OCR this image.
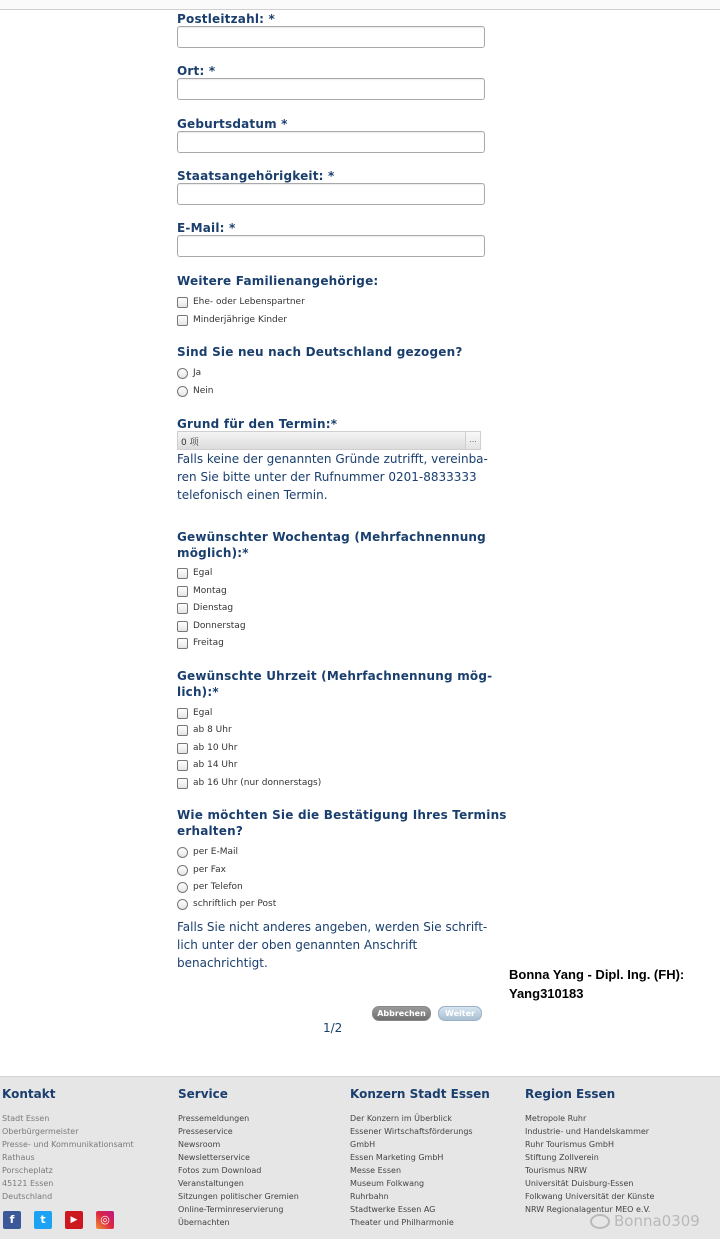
Postleitzahl: *
Ort: *
Geburtsdatum *
Staatsangehörigkeit: *
E-Mail: *
Weitere Familienangehörige:
Ehe- oder Lebenspartner
Minderjährige Kinder
Sind Sie neu nach Deutschland gezogen?
Ja
Nein
Grund für den Termin:*
0 项	...
Falls keine der genannten Gründe zutrifft, vereinba-
ren Sie bitte unter der Rufnummer 0201-8833333
telefonisch einen Termin.
Gewünschter Wochentag (Mehrfachnennung
möglich):*
Egal
Montag
Dienstag
Donnerstag
Freitag
Gewünschte Uhrzeit (Mehrfachnennung mög-
lich):*
Egal
ab 8 Uhr
ab 10 Uhr
ab 14 Uhr
ab 16 Uhr (nur donnerstags)
Wie möchten Sie die Bestätigung Ihres Termins
erhalten?
per E-Mail
per Fax
per Telefon
schriftlich per Post
Falls Sie nicht anderes angeben, werden Sie schrift-
lich unter der oben genannten Anschrift
benachrichtigt.
Bonna Yang - Dipl. Ing. (FH):
Yang310183
Abbrechen	Weiter
1/2
Kontakt
Stadt Essen
Oberbürgermeister
Presse- und Kommunikationsamt
Rathaus
Porscheplatz
45121 Essen
Deutschland
Service
Pressemeldungen
Presseservice
Newsroom
Newsletterservice
Fotos zum Download
Veranstaltungen
Sitzungen politischer Gremien
Online-Terminreservierung
Übernachten
Konzern Stadt Essen
Der Konzern im Überblick
Essener Wirtschaftsförderungs
GmbH
Essen Marketing GmbH
Messe Essen
Museum Folkwang
Ruhrbahn
Stadtwerke Essen AG
Theater und Philharmonie
Region Essen
Metropole Ruhr
Industrie- und Handelskammer
Ruhr Tourismus GmbH
Stiftung Zollverein
Tourismus NRW
Universität Duisburg-Essen
Folkwang Universität der Künste
NRW Regionalagentur MEO e.V.
f	t	▶	◎	Bonna0309
